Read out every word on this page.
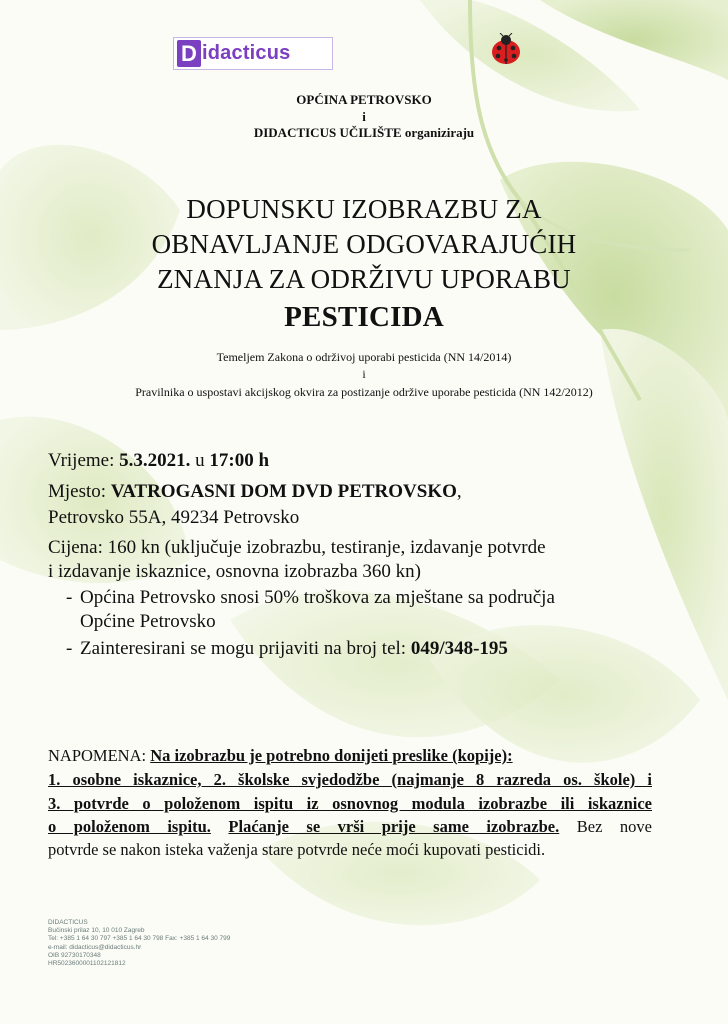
D idacticus
OPĆINA PETROVSKO
i
DIDACTICUS UČILIŠTE organiziraju
DOPUNSKU IZOBRAZBU ZA
OBNAVLJANJE ODGOVARAJUĆIH
ZNANJA ZA ODRŽIVU UPORABU
PESTICIDA
Temeljem Zakona o održivoj uporabi pesticida (NN 14/2014)
i
Pravilnika o uspostavi akcijskog okvira za postizanje održive uporabe pesticida (NN 142/2012)
Vrijeme: 5.3.2021. u 17:00 h
Mjesto: VATROGASNI DOM DVD PETROVSKO,
Petrovsko 55A, 49234 Petrovsko
Cijena: 160 kn (uključuje izobrazbu, testiranje, izdavanje potvrde
i izdavanje iskaznice, osnovna izobrazba 360 kn)
- Općina Petrovsko snosi 50% troškova za mještane sa područja
Općine Petrovsko
- Zainteresirani se mogu prijaviti na broj tel: 049/348-195
NAPOMENA: Na izobrazbu je potrebno donijeti preslike (kopije):
1. osobne iskaznice, 2. školske svjedodžbe (najmanje 8 razreda os. škole) i
3. potvrde o položenom ispitu iz osnovnog modula izobrazbe ili iskaznice
o položenom ispitu. Plaćanje se vrši prije same izobrazbe. Bez nove
potvrde se nakon isteka važenja stare potvrde neće moći kupovati pesticidi.
DIDACTICUS
Bučinski prilaz 10, 10 010 Zagreb
Tel: +385 1 64 30 797 +385 1 64 30 798 Fax: +385 1 64 30 799
e-mail: didacticus@didacticus.hr
OIB 92730170348
HR5023600001102121812
